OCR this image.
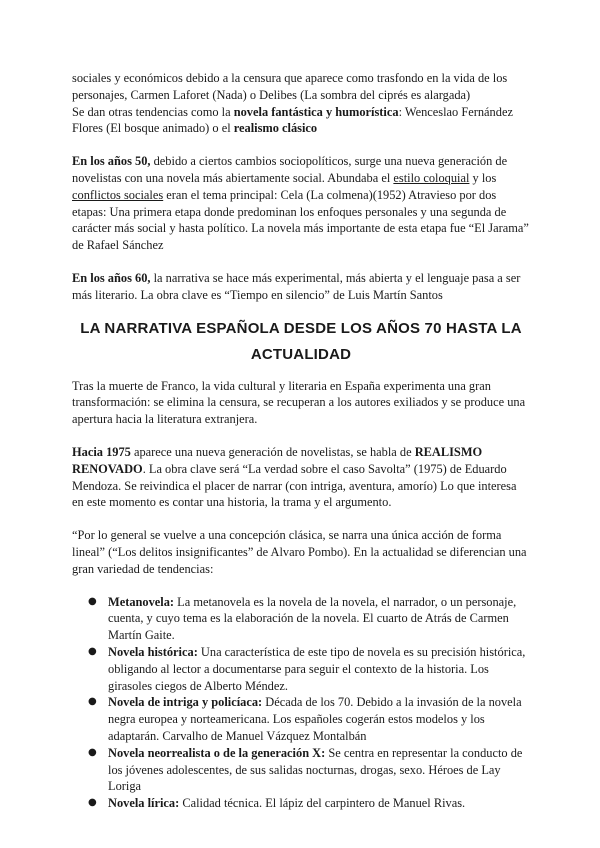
sociales y económicos debido a la censura que aparece como trasfondo en la vida de los personajes, Carmen Laforet (Nada) o Delibes (La sombra del ciprés es alargada)
Se dan otras tendencias como la novela fantástica y humorística: Wenceslao Fernández Flores (El bosque animado) o el realismo clásico

En los años 50, debido a ciertos cambios sociopolíticos, surge una nueva generación de novelistas con una novela más abiertamente social. Abundaba el estilo coloquial y los conflictos sociales eran el tema principal: Cela (La colmena)(1952) Atravieso por dos etapas: Una primera etapa donde predominan los enfoques personales y una segunda de carácter más social y hasta político. La novela más importante de esta etapa fue “El Jarama” de Rafael Sánchez

En los años 60, la narrativa se hace más experimental, más abierta y el lenguaje pasa a ser más literario. La obra clave es “Tiempo en silencio” de Luis Martín Santos

LA NARRATIVA ESPAÑOLA DESDE LOS AÑOS 70 HASTA LA ACTUALIDAD

Tras la muerte de Franco, la vida cultural y literaria en España experimenta una gran transformación: se elimina la censura, se recuperan a los autores exiliados y se produce una apertura hacia la literatura extranjera.

Hacia 1975 aparece una nueva generación de novelistas, se habla de REALISMO RENOVADO. La obra clave será “La verdad sobre el caso Savolta” (1975) de Eduardo Mendoza. Se reivindica el placer de narrar (con intriga, aventura, amorío) Lo que interesa en este momento es contar una historia, la trama y el argumento.

“Por lo general se vuelve a una concepción clásica, se narra una única acción de forma lineal” (“Los delitos insignificantes” de Alvaro Pombo). En la actualidad se diferencian una gran variedad de tendencias:

● Metanovela: La metanovela es la novela de la novela, el narrador, o un personaje, cuenta, y cuyo tema es la elaboración de la novela. El cuarto de Atrás de Carmen Martín Gaite.
● Novela histórica: Una característica de este tipo de novela es su precisión histórica, obligando al lector a documentarse para seguir el contexto de la historia. Los girasoles ciegos de Alberto Méndez.
● Novela de intriga y policíaca: Década de los 70. Debido a la invasión de la novela negra europea y norteamericana. Los españoles cogerán estos modelos y los adaptarán. Carvalho de Manuel Vázquez Montalbán
● Novela neorrealista o de la generación X: Se centra en representar la conducto de los jóvenes adolescentes, de sus salidas nocturnas, drogas, sexo. Héroes de Lay Loriga
● Novela lírica: Calidad técnica. El lápiz del carpintero de Manuel Rivas.
